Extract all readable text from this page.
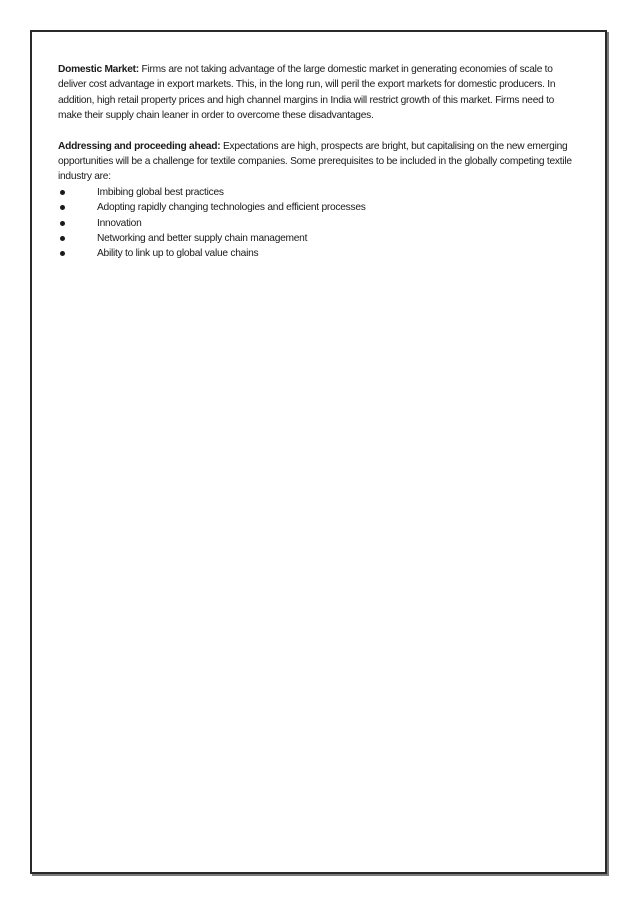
Domestic Market: Firms are not taking advantage of the large domestic market in generating economies of scale to deliver cost advantage in export markets. This, in the long run, will peril the export markets for domestic producers. In addition, high retail property prices and high channel margins in India will restrict growth of this market. Firms need to make their supply chain leaner in order to overcome these disadvantages.

Addressing and proceeding ahead: Expectations are high, prospects are bright, but capitalising on the new emerging opportunities will be a challenge for textile companies. Some prerequisites to be included in the globally competing textile industry are:

Imbibing global best practices
Adopting rapidly changing technologies and efficient processes
Innovation
Networking and better supply chain management
Ability to link up to global value chains
